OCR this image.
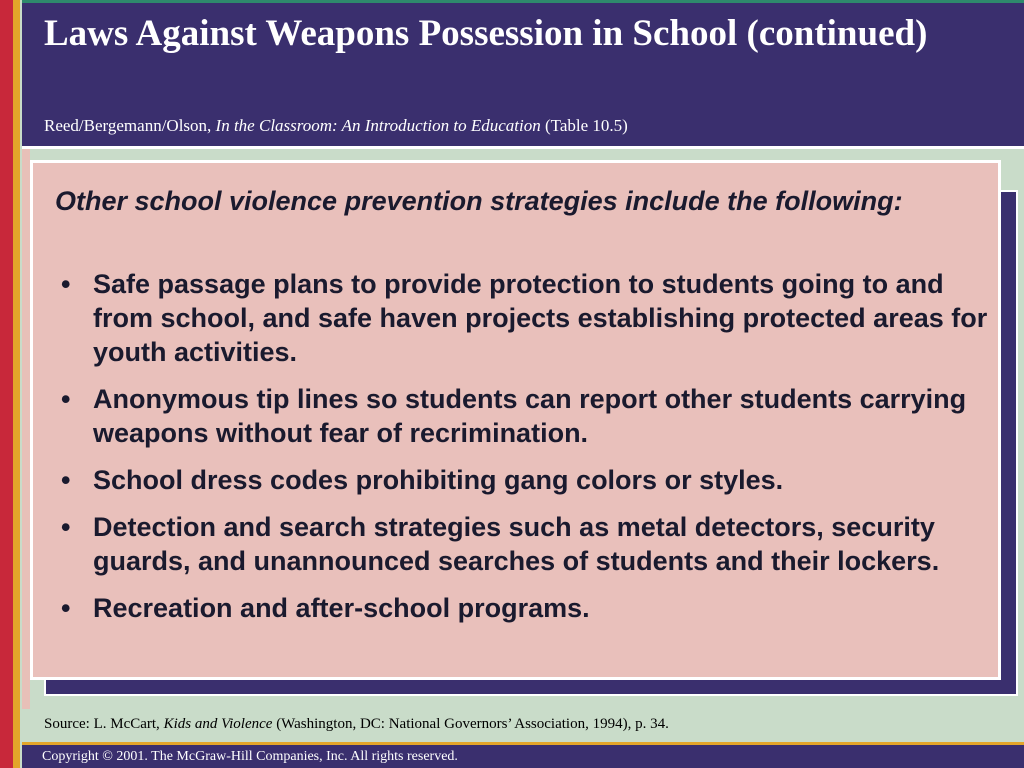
Laws Against Weapons Possession in School (continued)
Reed/Bergemann/Olson, In the Classroom: An Introduction to Education (Table 10.5)
Other school violence prevention strategies include the following:
• Safe passage plans to provide protection to students going to and from school, and safe haven projects establishing protected areas for youth activities.
• Anonymous tip lines so students can report other students carrying weapons without fear of recrimination.
• School dress codes prohibiting gang colors or styles.
• Detection and search strategies such as metal detectors, security guards, and unannounced searches of students and their lockers.
• Recreation and after-school programs.
Source: L. McCart, Kids and Violence (Washington, DC: National Governors’ Association, 1994), p. 34.
Copyright © 2001. The McGraw-Hill Companies, Inc. All rights reserved.
